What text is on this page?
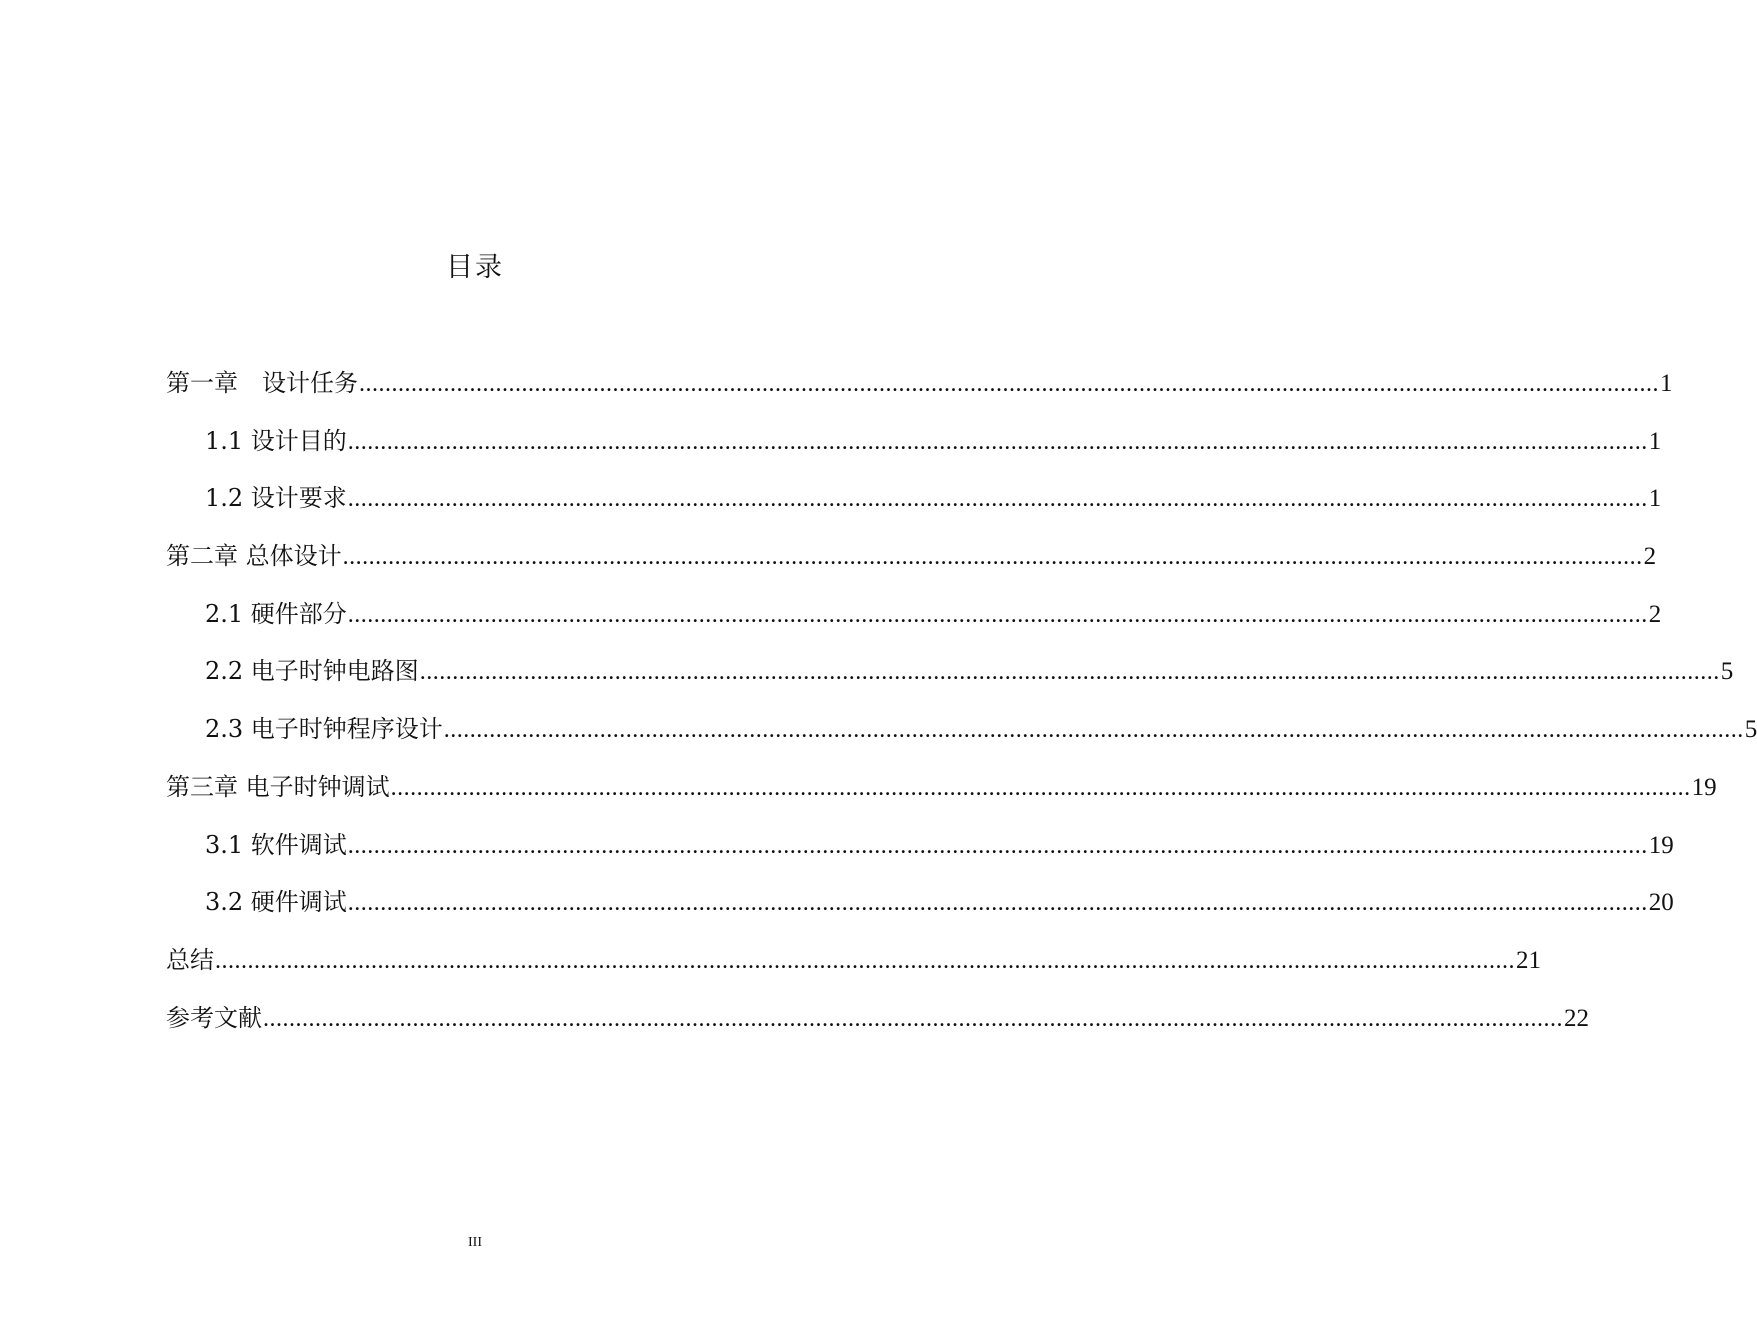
目录
第一章　设计任务 ........................................................................................................................................................................................................ 1
1.1 设计目的 ........................................................................................................................................................................................................ 1
1.2 设计要求 ........................................................................................................................................................................................................ 1
第二章 总体设计 ........................................................................................................................................................................................................ 2
2.1 硬件部分 ........................................................................................................................................................................................................ 2
2.2 电子时钟电路图 ........................................................................................................................................................................................................ 5
2.3 电子时钟程序设计 ........................................................................................................................................................................................................ 5
第三章 电子时钟调试 ........................................................................................................................................................................................................ 19
3.1 软件调试 ........................................................................................................................................................................................................ 19
3.2 硬件调试 ........................................................................................................................................................................................................ 20
总结 ........................................................................................................................................................................................................ 21
参考文献 ........................................................................................................................................................................................................ 22
III
